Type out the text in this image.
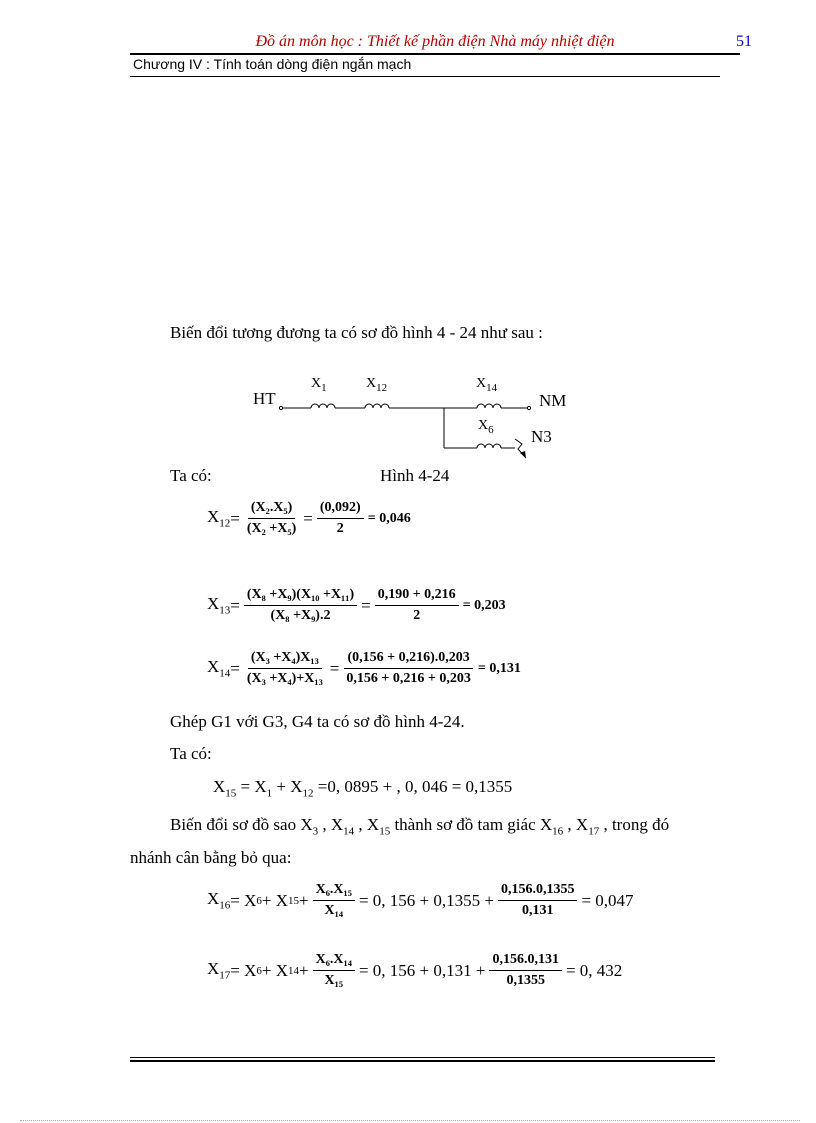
Đồ án môn học : Thiết kế phần điện Nhà máy nhiệt điện	51
Chương IV : Tính toán dòng điện ngắn mạch
Biến đổi tương đương ta có sơ đồ hình 4 - 24 như sau :
HT
$X_1$	$X_{12}$	$X_{14}$
NM
$X_6$ N3
Ta có:	Hình 4-24
$X_{12} = \frac{\text{(X₂.X₅)}}{\text{(X₂ +X₅)}} = \frac{(0,092)}{2} = 0,046$
$X_{13} = \frac{\text{(X₈ +X₉)(X₁₀ +X₁₁)}}{\text{(X₈ +X₉).2}} = \frac{0,190 + 0,216}{2} = 0,203$
$X_{14} = \frac{\text{(X₃ +X₄)X₁₃}}{\text{(X₃ +X₄)+X₁₃}} = \frac{(0,156 + 0,216).0,203}{0,156 + 0,216 + 0,203} = 0,131$
Ghép G1 với G3, G4 ta có sơ đồ hình 4-24.
Ta có:
$X_{15} = X_1 + X_{12} =0$, 0895 + , 0, 046 = 0,1355
Biến đổi sơ đồ sao $X_3$ , $X_{14}$ , $X_{15}$ thành sơ đồ tam giác $X_{16}$ , $X_{17}$ , trong đó
nhánh cân bằng bỏ qua:
$X_{16} = X$ 6 + X $15 + \frac{\text{X₆.X₁₅}}{\text{X₁₄}} = 0$, $156 + 0,1355 + \frac{0,156.0,1355}{0,131} = 0,047$
$X_{17} = X$ 6 + X $14 + \frac{\text{X₆.X₁₄}}{\text{X₁₅}} = 0$, $156 + 0,131 + \frac{0,156.0,131}{0,1355} = 0$, 432
